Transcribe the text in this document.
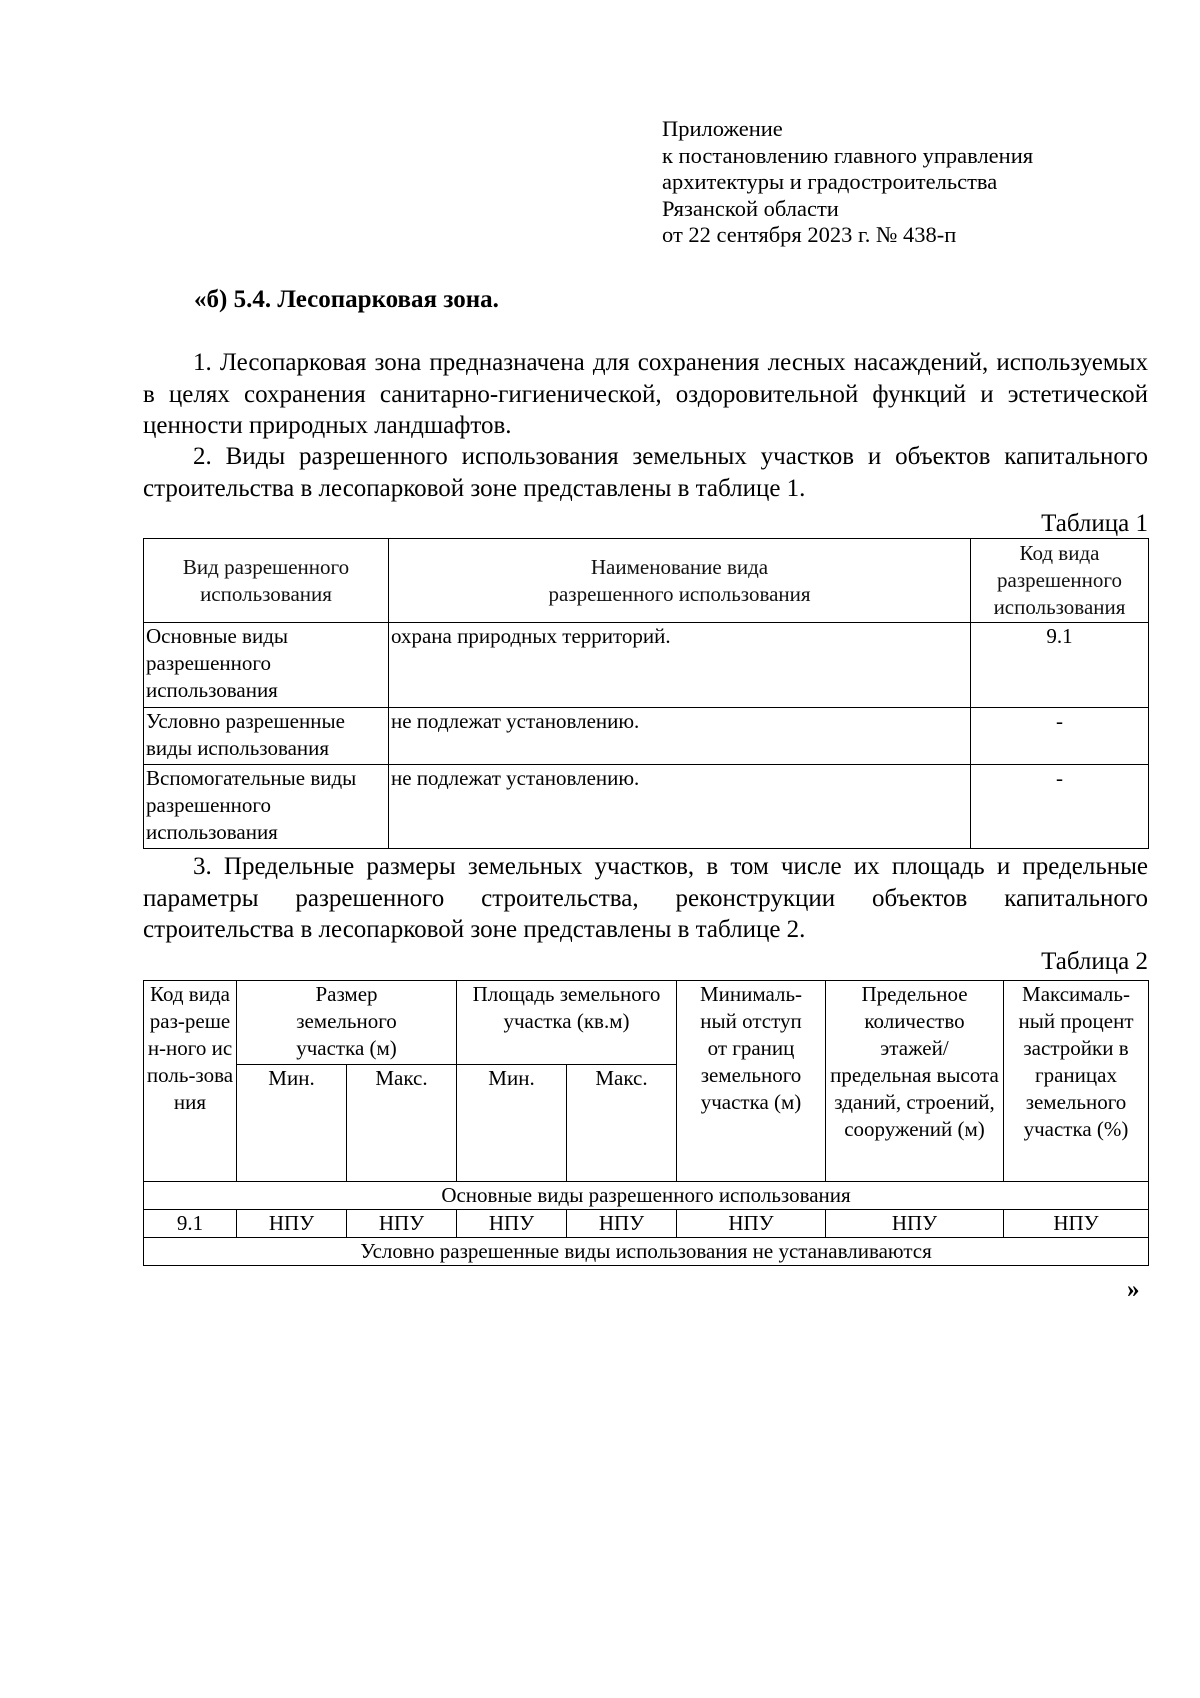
Приложение
к постановлению главного управления
архитектуры и градостроительства
Рязанской области
от 22 сентября 2023 г. № 438-п
«б) 5.4. Лесопарковая зона.

1. Лесопарковая зона предназначена для сохранения лесных насаждений, используемых в целях сохранения санитарно-гигиенической, оздоровительной функций и эстетической ценности природных ландшафтов.

2. Виды разрешенного использования земельных участков и объектов капитального строительства в лесопарковой зоне представлены в таблице 1.

Таблица 1
Вид разрешенного использования	Наименование вида разрешенного использования	Код вида разрешенного использования
Основные виды разрешенного использования	охрана природных территорий.	9.1
Условно разрешенные виды использования	не подлежат установлению.	-
Вспомогательные виды разрешенного использования	не подлежат установлению.	-

3. Предельные размеры земельных участков, в том числе их площадь и предельные параметры разрешенного строительства, реконструкции объектов капитального строительства в лесопарковой зоне представлены в таблице 2.

Таблица 2
Код вида раз-решен-ного исполь-зования	Размер земельного участка (м)		Площадь земельного участка (кв.м)		Минималь-ный отступ от границ земельного участка (м)	Предельное количество этажей/ предельная высота зданий, строений, сооружений (м)	Максималь-ный процент застройки в границах земельного участка (%)
	Мин.	Макс.	Мин.	Макс.			
Основные виды разрешенного использования							
9.1	НПУ	НПУ	НПУ	НПУ	НПУ	НПУ	НПУ
Условно разрешенные виды использования не устанавливаются							
»
